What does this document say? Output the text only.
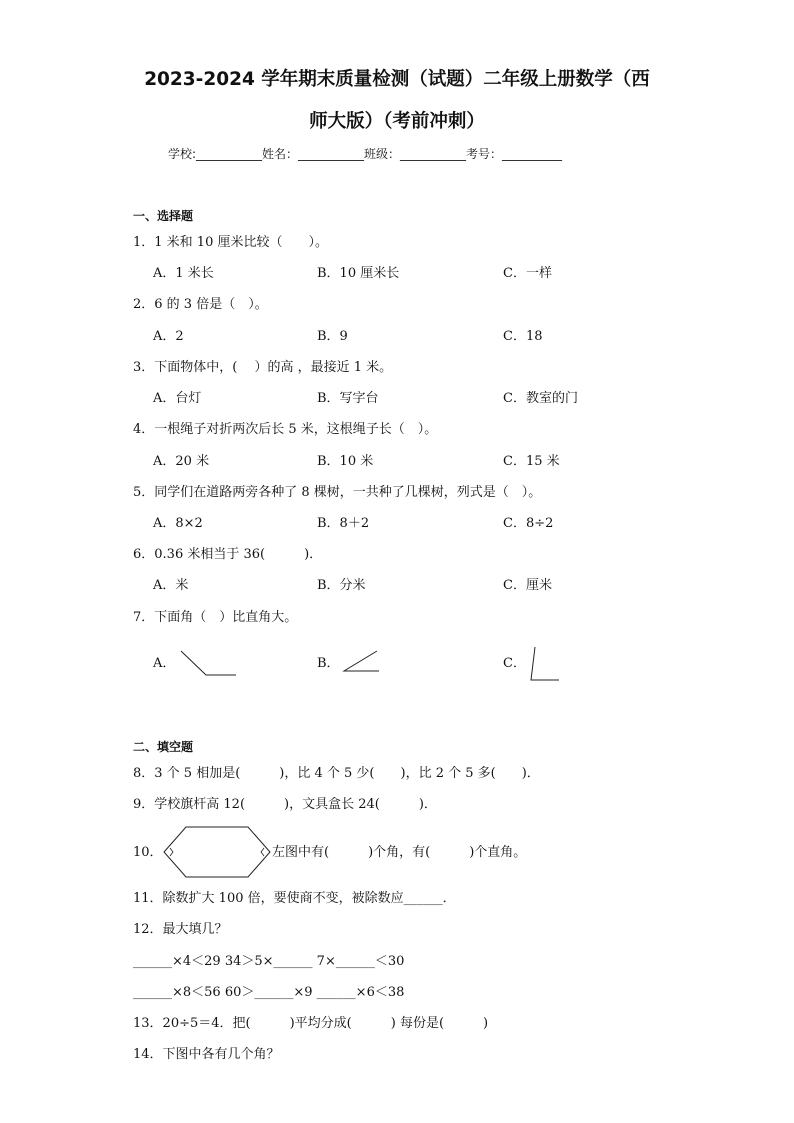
2023-2024 学年期末质量检测（试题）二年级上册数学（西
师大版）（考前冲刺）
学校:___________姓名：___________班级：___________考号：__________
一、选择题
1．1 米和 10 厘米比较（　　）。
A．1 米长	B．10 厘米长	C．一样
2．6 的 3 倍是（　）。
A．2	B．9	C．18
3．下面物体中，(　 ）的高 ，最接近 1 米。
A．台灯	B．写字台	C．教室的门
4．一根绳子对折两次后长 5 米，这根绳子长（　）。
A．20 米	B．10 米	C．15 米
5．同学们在道路两旁各种了 8 棵树，一共种了几棵树，列式是（　）。
A．8×2	B．8＋2	C．8÷2
6．0.36 米相当于 36(　　　)．
A．米	B．分米	C．厘米
7．下面角（　）比直角大。
A．	B．	C．
二、填空题
8．3 个 5 相加是(　　　)，比 4 个 5 少(　　)，比 2 个 5 多(　　)．
9．学校旗杆高 12(　　　)，文具盒长 24(　　　)．
10．	左图中有(　　　)个角，有(　　　)个直角。
11．除数扩大 100 倍，要使商不变，被除数应______．
12．最大填几？
______×4＜29 34＞5×______ 7×______＜30
______×8＜56 60＞______×9 ______×6＜38
13．20÷5＝4．把(　　　)平均分成(　　　) 每份是(　　　)
14．下图中各有几个角？
